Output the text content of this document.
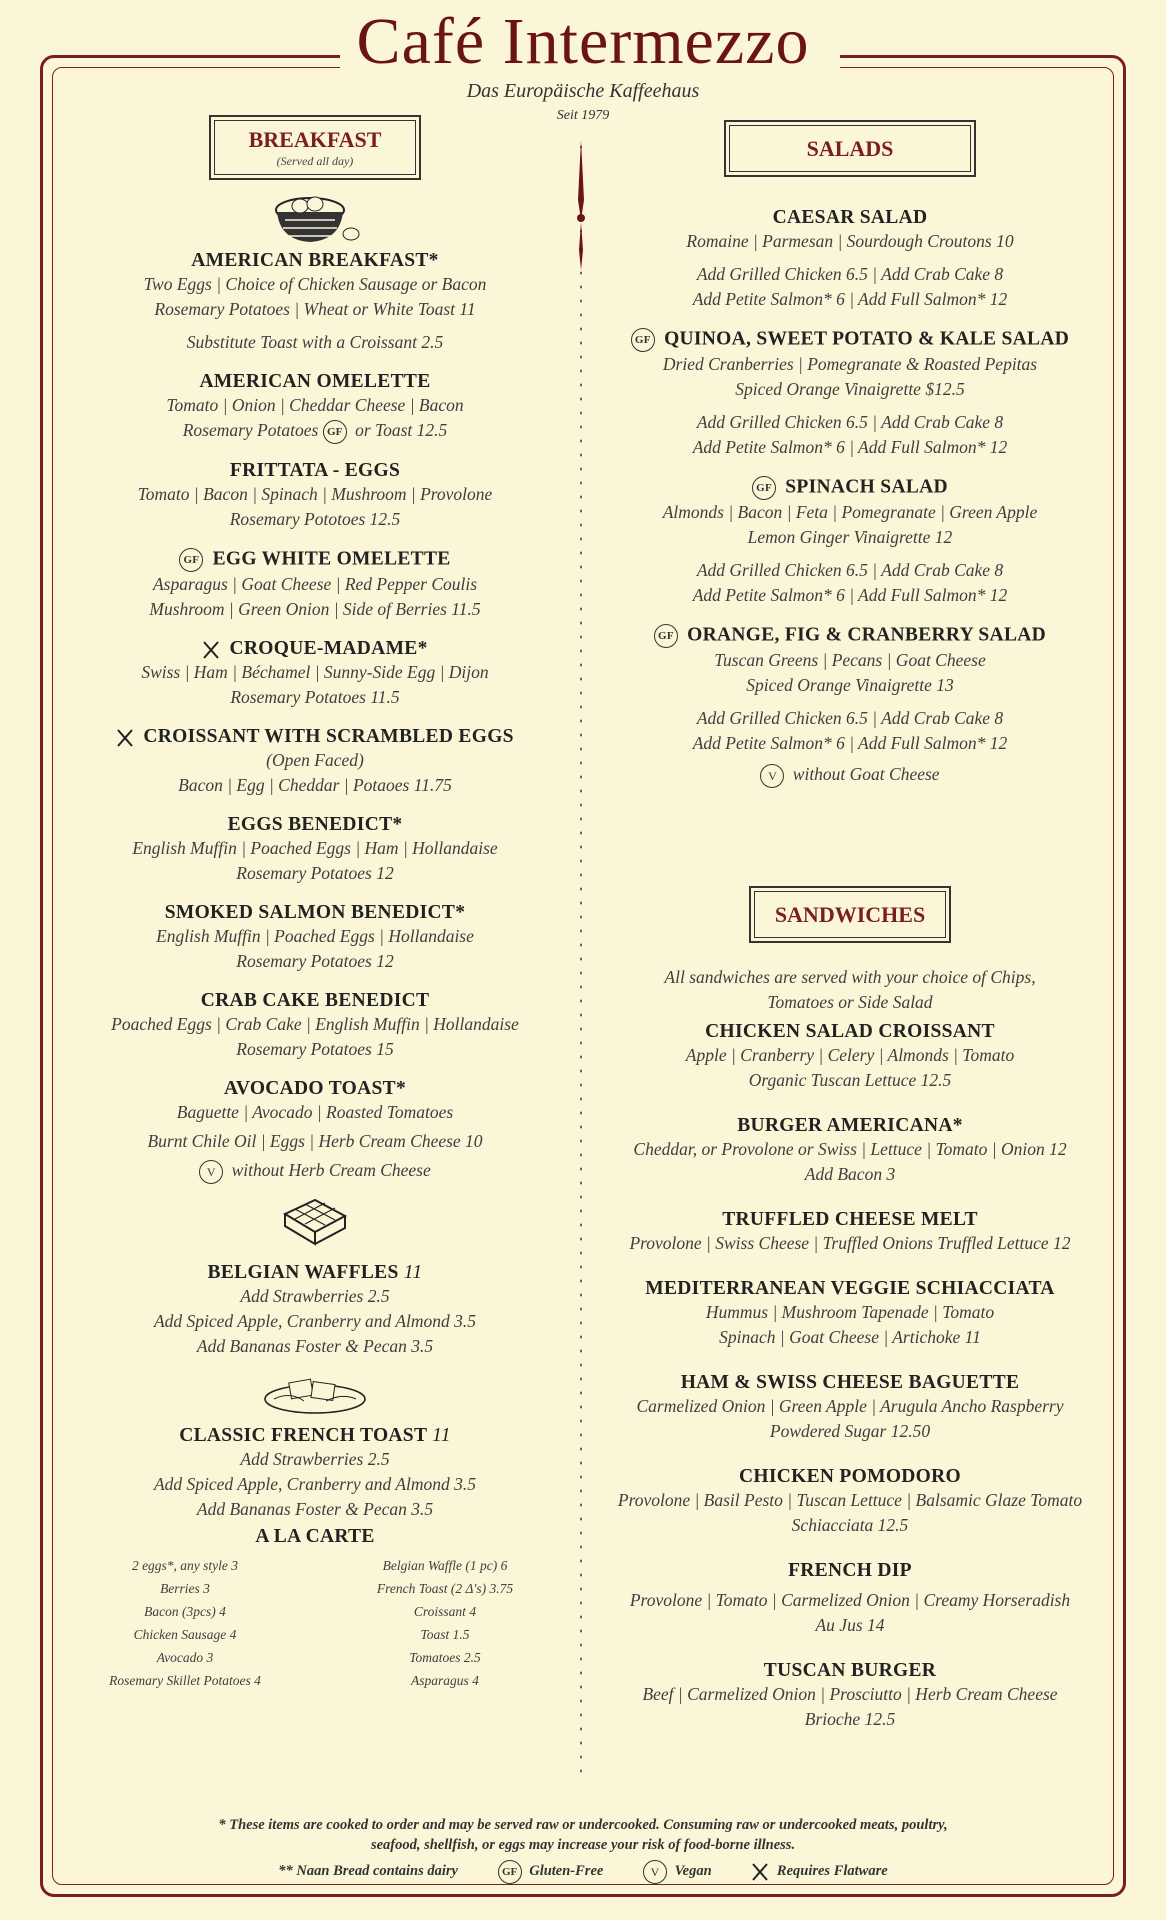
Café Intermezzo
Das Europäische Kaffeehaus
Seit 1979
BREAKFAST
(Served all day)
AMERICAN BREAKFAST*
Two Eggs | Choice of Chicken Sausage or Bacon
Rosemary Potatoes | Wheat or White Toast 11
Substitute Toast with a Croissant 2.5
AMERICAN OMELETTE
Tomato | Onion | Cheddar Cheese | Bacon
Rosemary Potatoes GF or Toast 12.5
FRITTATA - EGGS
Tomato | Bacon | Spinach | Mushroom | Provolone
Rosemary Pototoes 12.5
GF EGG WHITE OMELETTE
Asparagus | Goat Cheese | Red Pepper Coulis
Mushroom | Green Onion | Side of Berries 11.5
CROQUE-MADAME*
Swiss | Ham | Béchamel | Sunny-Side Egg | Dijon
Rosemary Potatoes 11.5
CROISSANT WITH SCRAMBLED EGGS
(Open Faced)
Bacon | Egg | Cheddar | Potaoes 11.75
EGGS BENEDICT*
English Muffin | Poached Eggs | Ham | Hollandaise
Rosemary Potatoes 12
SMOKED SALMON BENEDICT*
English Muffin | Poached Eggs | Hollandaise
Rosemary Potatoes 12
CRAB CAKE BENEDICT
Poached Eggs | Crab Cake | English Muffin | Hollandaise
Rosemary Potatoes 15
AVOCADO TOAST*
Baguette | Avocado | Roasted Tomatoes
Burnt Chile Oil | Eggs | Herb Cream Cheese 10
V without Herb Cream Cheese
BELGIAN WAFFLES 11
Add Strawberries 2.5
Add Spiced Apple, Cranberry and Almond 3.5
Add Bananas Foster & Pecan 3.5
CLASSIC FRENCH TOAST 11
Add Strawberries 2.5
Add Spiced Apple, Cranberry and Almond 3.5
Add Bananas Foster & Pecan 3.5
A LA CARTE
2 eggs*, any style 3
Berries 3
Bacon (3pcs) 4
Chicken Sausage 4
Avocado 3
Rosemary Skillet Potatoes 4
Belgian Waffle (1 pc) 6
French Toast (2 Δ's) 3.75
Croissant 4
Toast 1.5
Tomatoes 2.5
Asparagus 4
SALADS
CAESAR SALAD
Romaine | Parmesan | Sourdough Croutons 10
Add Grilled Chicken 6.5 | Add Crab Cake 8
Add Petite Salmon* 6 | Add Full Salmon* 12
GF QUINOA, SWEET POTATO & KALE SALAD
Dried Cranberries | Pomegranate & Roasted Pepitas
Spiced Orange Vinaigrette $12.5
Add Grilled Chicken 6.5 | Add Crab Cake 8
Add Petite Salmon* 6 | Add Full Salmon* 12
GF SPINACH SALAD
Almonds | Bacon | Feta | Pomegranate | Green Apple
Lemon Ginger Vinaigrette 12
Add Grilled Chicken 6.5 | Add Crab Cake 8
Add Petite Salmon* 6 | Add Full Salmon* 12
GF ORANGE, FIG & CRANBERRY SALAD
Tuscan Greens | Pecans | Goat Cheese
Spiced Orange Vinaigrette 13
Add Grilled Chicken 6.5 | Add Crab Cake 8
Add Petite Salmon* 6 | Add Full Salmon* 12
V without Goat Cheese
SANDWICHES
All sandwiches are served with your choice of Chips,
Tomatoes or Side Salad
CHICKEN SALAD CROISSANT
Apple | Cranberry | Celery | Almonds | Tomato
Organic Tuscan Lettuce 12.5
BURGER AMERICANA*
Cheddar, or Provolone or Swiss | Lettuce | Tomato | Onion 12
Add Bacon 3
TRUFFLED CHEESE MELT
Provolone | Swiss Cheese | Truffled Onions Truffled Lettuce 12
MEDITERRANEAN VEGGIE SCHIACCIATA
Hummus | Mushroom Tapenade | Tomato
Spinach | Goat Cheese | Artichoke 11
HAM & SWISS CHEESE BAGUETTE
Carmelized Onion | Green Apple | Arugula Ancho Raspberry
Powdered Sugar 12.50
CHICKEN POMODORO
Provolone | Basil Pesto | Tuscan Lettuce | Balsamic Glaze Tomato
Schiacciata 12.5
FRENCH DIP
Provolone | Tomato | Carmelized Onion | Creamy Horseradish
Au Jus 14
TUSCAN BURGER
Beef | Carmelized Onion | Prosciutto | Herb Cream Cheese
Brioche 12.5
* These items are cooked to order and may be served raw or undercooked. Consuming raw or undercooked meats, poultry,
seafood, shellfish, or eggs may increase your risk of food-borne illness.
** Naan Bread contains dairy	GF Gluten-Free	V Vegan	Requires Flatware
